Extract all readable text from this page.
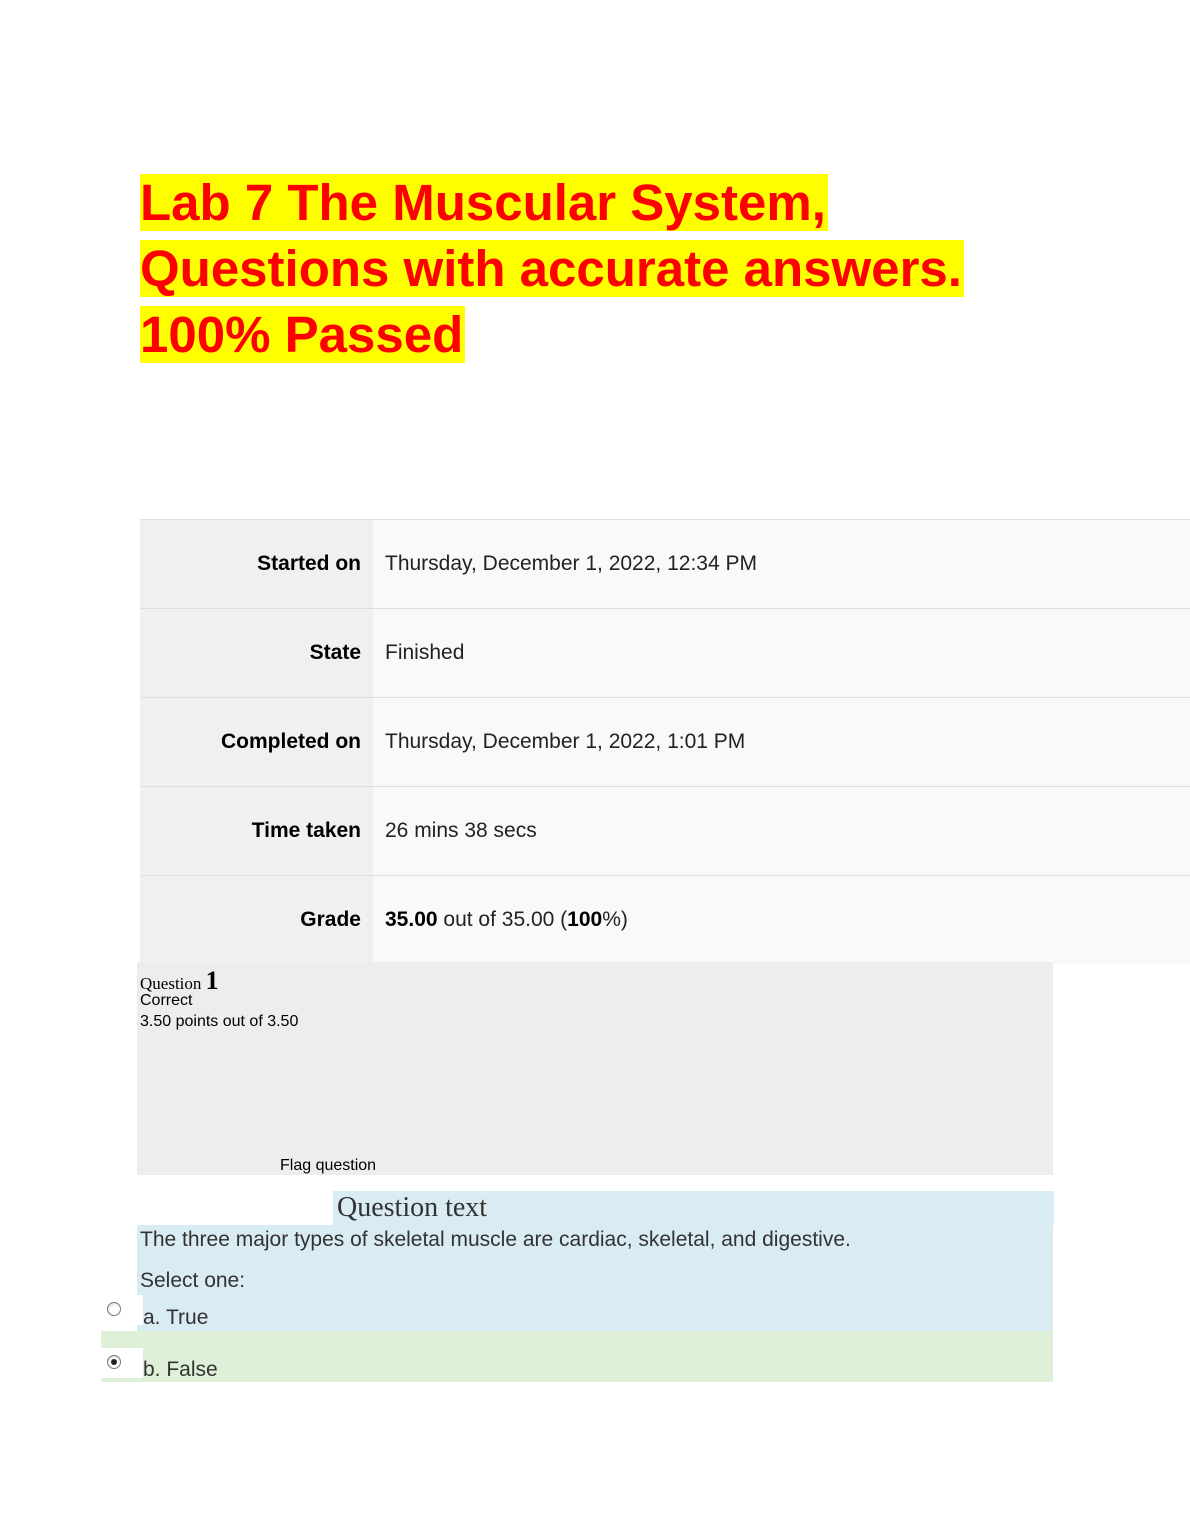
Lab 7 The Muscular System,
Questions with accurate answers.
100% Passed
Started on	Thursday, December 1, 2022, 12:34 PM
State	Finished
Completed on	Thursday, December 1, 2022, 1:01 PM
Time taken	26 mins 38 secs
Grade	35.00 out of 35.00 ( 100 %)
Question 1
Correct
3.50 points out of 3.50
Flag question
Question text
The three major types of skeletal muscle are cardiac, skeletal, and digestive.
Select one:
a. True
b. False
